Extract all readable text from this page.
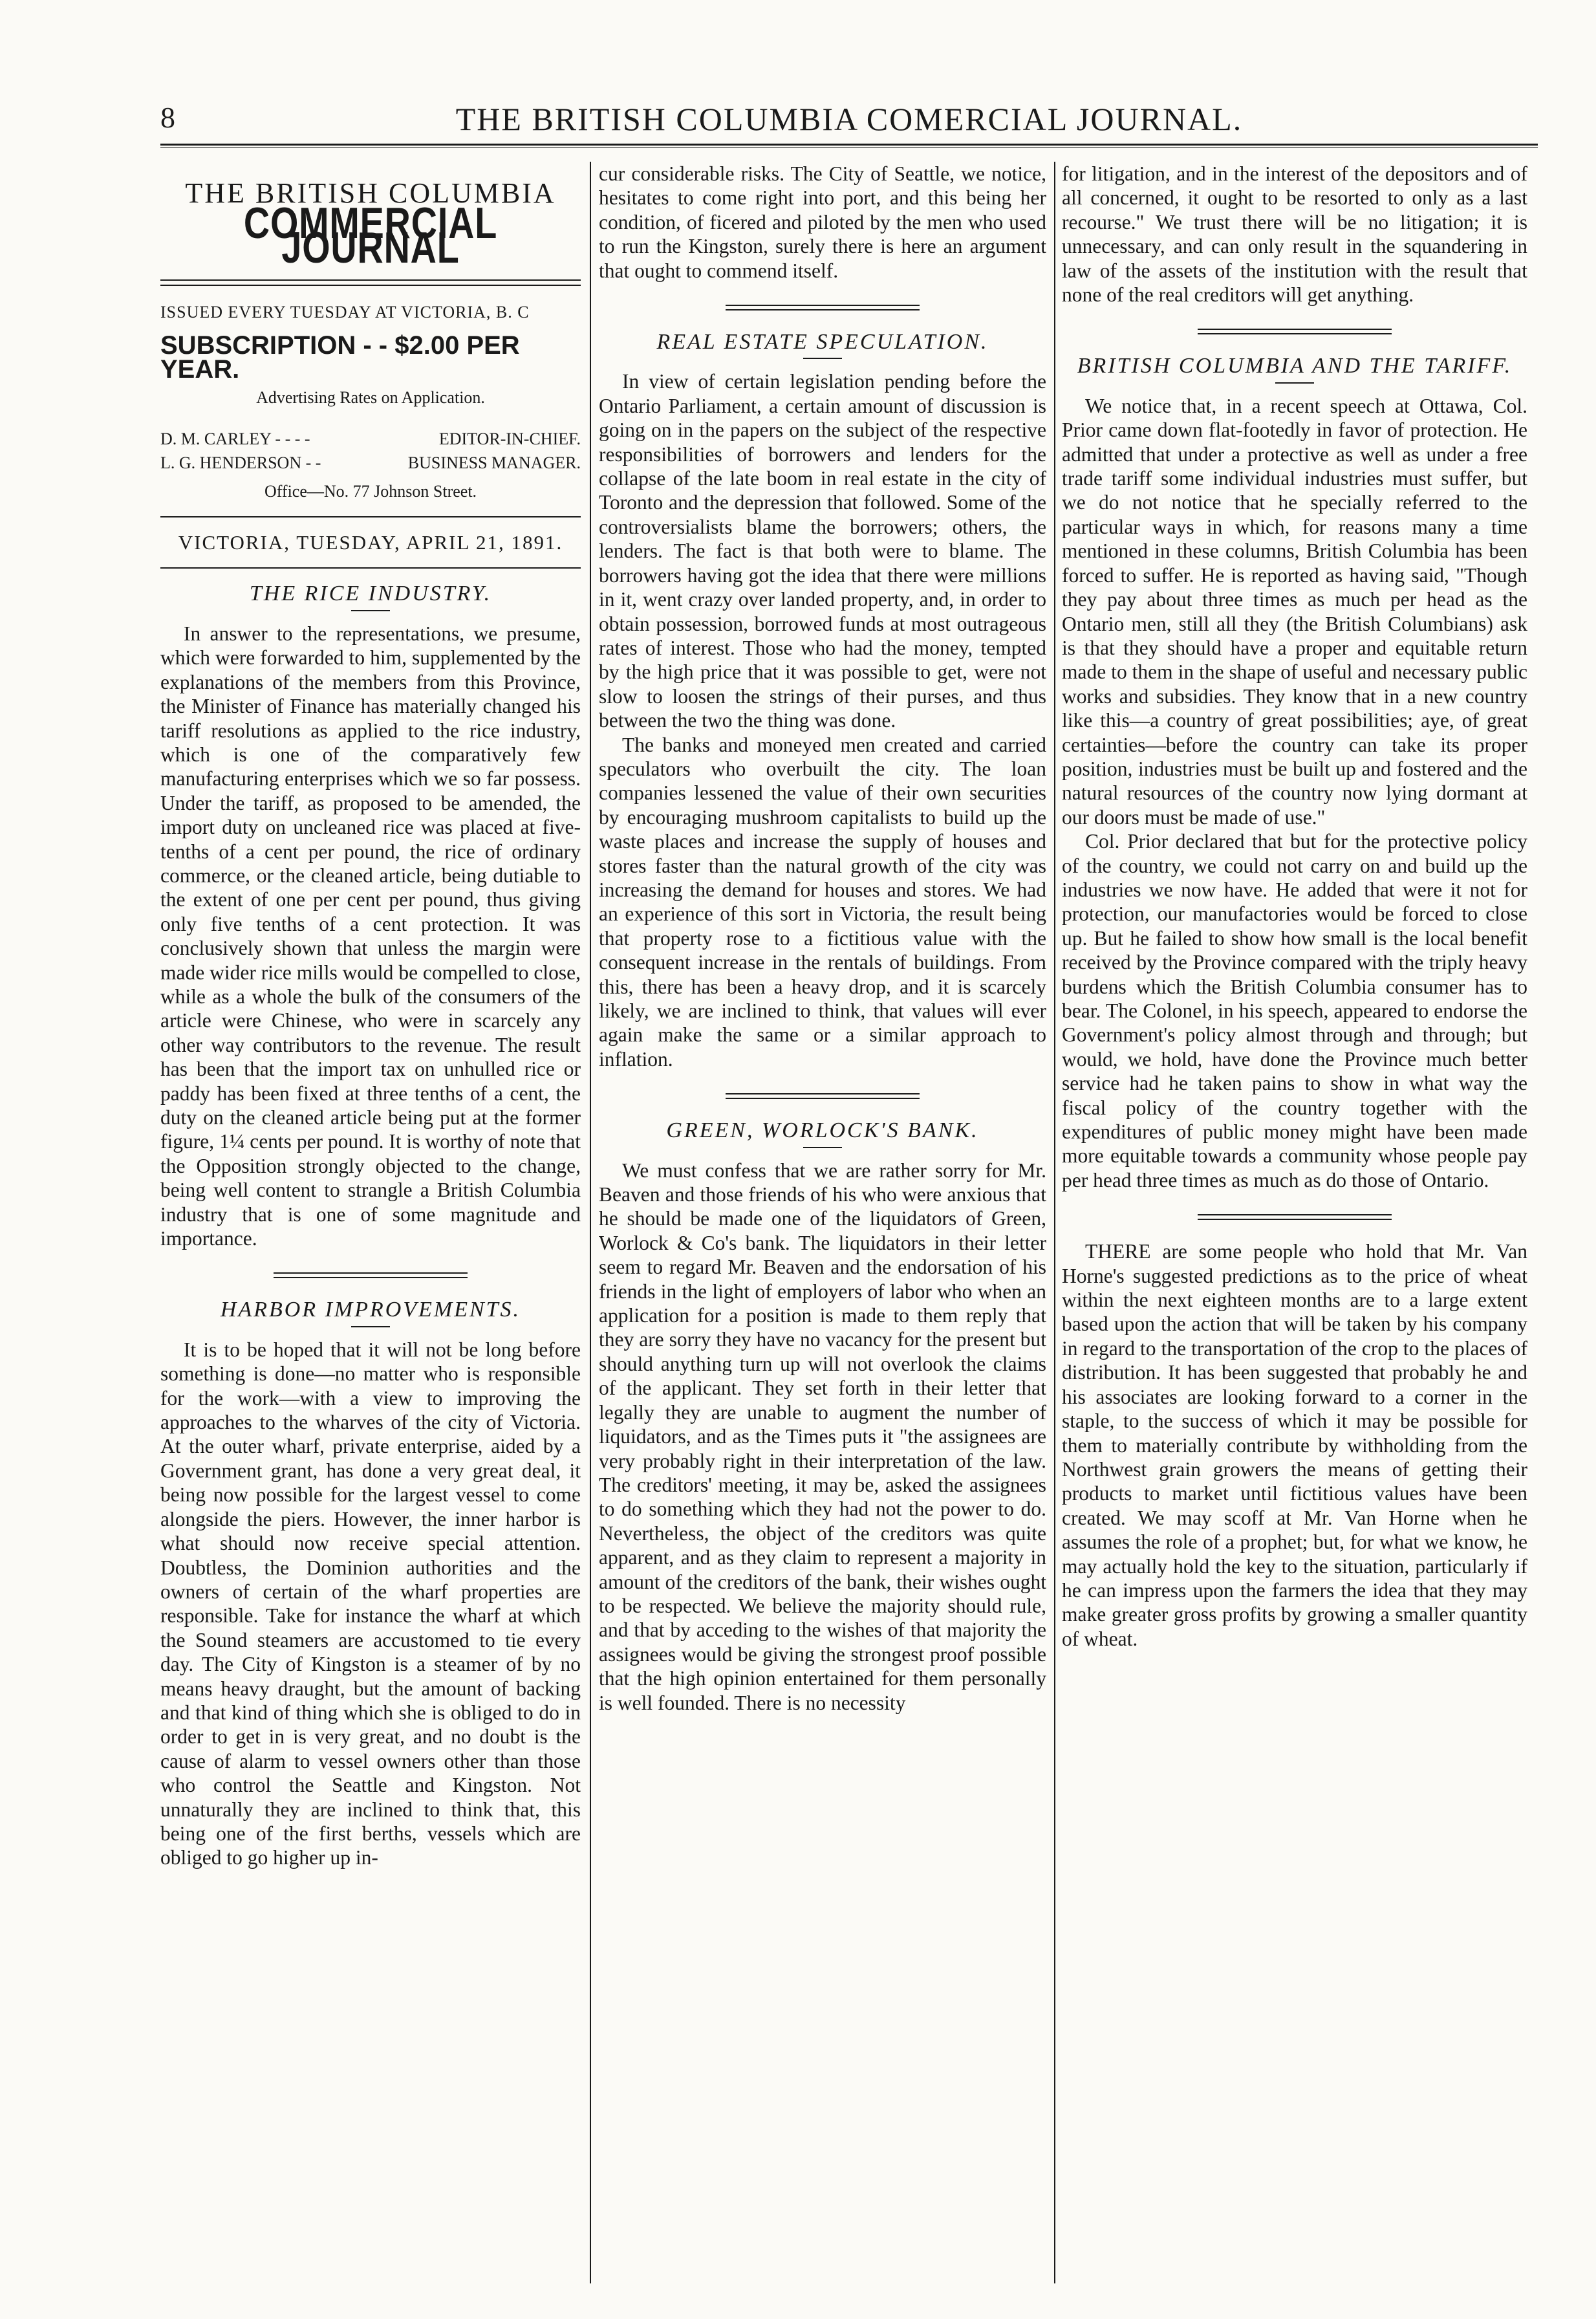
8	THE BRITISH COLUMBIA COMERCIAL JOURNAL.
THE BRITISH COLUMBIA
COMMERCIAL JOURNAL
ISSUED EVERY TUESDAY AT VICTORIA, B. C
SUBSCRIPTION - - $2.00 PER YEAR.
Advertising Rates on Application.
D. M. CARLEY - - - -	EDITOR-IN-CHIEF.
L. G. HENDERSON - -	BUSINESS MANAGER.
Office—No. 77 Johnson Street.
VICTORIA, TUESDAY, APRIL 21, 1891.
THE RICE INDUSTRY.

In answer to the representations, we presume, which were forwarded to him, supplemented by the explanations of the members from this Province, the Minister of Finance has materially changed his tariff resolutions as applied to the rice industry, which is one of the comparatively few manufacturing enterprises which we so far possess. Under the tariff, as proposed to be amended, the import duty on uncleaned rice was placed at five-tenths of a cent per pound, the rice of ordinary commerce, or the cleaned article, being dutiable to the extent of one per cent per pound, thus giving only five tenths of a cent protection. It was conclusively shown that unless the margin were made wider rice mills would be compelled to close, while as a whole the bulk of the consumers of the article were Chinese, who were in scarcely any other way contributors to the revenue. The result has been that the import tax on unhulled rice or paddy has been fixed at three tenths of a cent, the duty on the cleaned article being put at the former figure, 1¼ cents per pound. It is worthy of note that the Opposition strongly objected to the change, being well content to strangle a British Columbia industry that is one of some magnitude and importance.

HARBOR IMPROVEMENTS.

It is to be hoped that it will not be long before something is done—no matter who is responsible for the work—with a view to improving the approaches to the wharves of the city of Victoria. At the outer wharf, private enterprise, aided by a Government grant, has done a very great deal, it being now possible for the largest vessel to come alongside the piers. However, the inner harbor is what should now receive special attention. Doubtless, the Dominion authorities and the owners of certain of the wharf properties are responsible. Take for instance the wharf at which the Sound steamers are accustomed to tie every day. The City of Kingston is a steamer of by no means heavy draught, but the amount of backing and that kind of thing which she is obliged to do in order to get in is very great, and no doubt is the cause of alarm to vessel owners other than those who control the Seattle and Kingston. Not unnaturally they are inclined to think that, this being one of the first berths, vessels which are obliged to go higher up in-

cur considerable risks. The City of Seattle, we notice, hesitates to come right into port, and this being her condition, of ficered and piloted by the men who used to run the Kingston, surely there is here an argument that ought to commend itself.

REAL ESTATE SPECULATION.

In view of certain legislation pending before the Ontario Parliament, a certain amount of discussion is going on in the papers on the subject of the respective responsibilities of borrowers and lenders for the collapse of the late boom in real estate in the city of Toronto and the depression that followed. Some of the controversialists blame the borrowers; others, the lenders. The fact is that both were to blame. The borrowers having got the idea that there were millions in it, went crazy over landed property, and, in order to obtain possession, borrowed funds at most outrageous rates of interest. Those who had the money, tempted by the high price that it was possible to get, were not slow to loosen the strings of their purses, and thus between the two the thing was done.

The banks and moneyed men created and carried speculators who overbuilt the city. The loan companies lessened the value of their own securities by encouraging mushroom capitalists to build up the waste places and increase the supply of houses and stores faster than the natural growth of the city was increasing the demand for houses and stores. We had an experience of this sort in Victoria, the result being that property rose to a fictitious value with the consequent increase in the rentals of buildings. From this, there has been a heavy drop, and it is scarcely likely, we are inclined to think, that values will ever again make the same or a similar approach to inflation.

GREEN, WORLOCK'S BANK.

We must confess that we are rather sorry for Mr. Beaven and those friends of his who were anxious that he should be made one of the liquidators of Green, Worlock & Co's bank. The liquidators in their letter seem to regard Mr. Beaven and the endorsation of his friends in the light of employers of labor who when an application for a position is made to them reply that they are sorry they have no vacancy for the present but should anything turn up will not overlook the claims of the applicant. They set forth in their letter that legally they are unable to augment the number of liquidators, and as the Times puts it "the assignees are very probably right in their interpretation of the law. The creditors' meeting, it may be, asked the assignees to do something which they had not the power to do. Nevertheless, the object of the creditors was quite apparent, and as they claim to represent a majority in amount of the creditors of the bank, their wishes ought to be respected. We believe the majority should rule, and that by acceding to the wishes of that majority the assignees would be giving the strongest proof possible that the high opinion entertained for them personally is well founded. There is no necessity

for litigation, and in the interest of the depositors and of all concerned, it ought to be resorted to only as a last recourse." We trust there will be no litigation; it is unnecessary, and can only result in the squandering in law of the assets of the institution with the result that none of the real creditors will get anything.

BRITISH COLUMBIA AND THE TARIFF.

We notice that, in a recent speech at Ottawa, Col. Prior came down flat-footedly in favor of protection. He admitted that under a protective as well as under a free trade tariff some individual industries must suffer, but we do not notice that he specially referred to the particular ways in which, for reasons many a time mentioned in these columns, British Columbia has been forced to suffer. He is reported as having said, "Though they pay about three times as much per head as the Ontario men, still all they (the British Columbians) ask is that they should have a proper and equitable return made to them in the shape of useful and necessary public works and subsidies. They know that in a new country like this—a country of great possibilities; aye, of great certainties—before the country can take its proper position, industries must be built up and fostered and the natural resources of the country now lying dormant at our doors must be made of use."

Col. Prior declared that but for the protective policy of the country, we could not carry on and build up the industries we now have. He added that were it not for protection, our manufactories would be forced to close up. But he failed to show how small is the local benefit received by the Province compared with the triply heavy burdens which the British Columbia consumer has to bear. The Colonel, in his speech, appeared to endorse the Government's policy almost through and through; but would, we hold, have done the Province much better service had he taken pains to show in what way the fiscal policy of the country together with the expenditures of public money might have been made more equitable towards a community whose people pay per head three times as much as do those of Ontario.

THERE are some people who hold that Mr. Van Horne's suggested predictions as to the price of wheat within the next eighteen months are to a large extent based upon the action that will be taken by his company in regard to the transportation of the crop to the places of distribution. It has been suggested that probably he and his associates are looking forward to a corner in the staple, to the success of which it may be possible for them to materially contribute by withholding from the Northwest grain growers the means of getting their products to market until fictitious values have been created. We may scoff at Mr. Van Horne when he assumes the role of a prophet; but, for what we know, he may actually hold the key to the situation, particularly if he can impress upon the farmers the idea that they may make greater gross profits by growing a smaller quantity of wheat.
